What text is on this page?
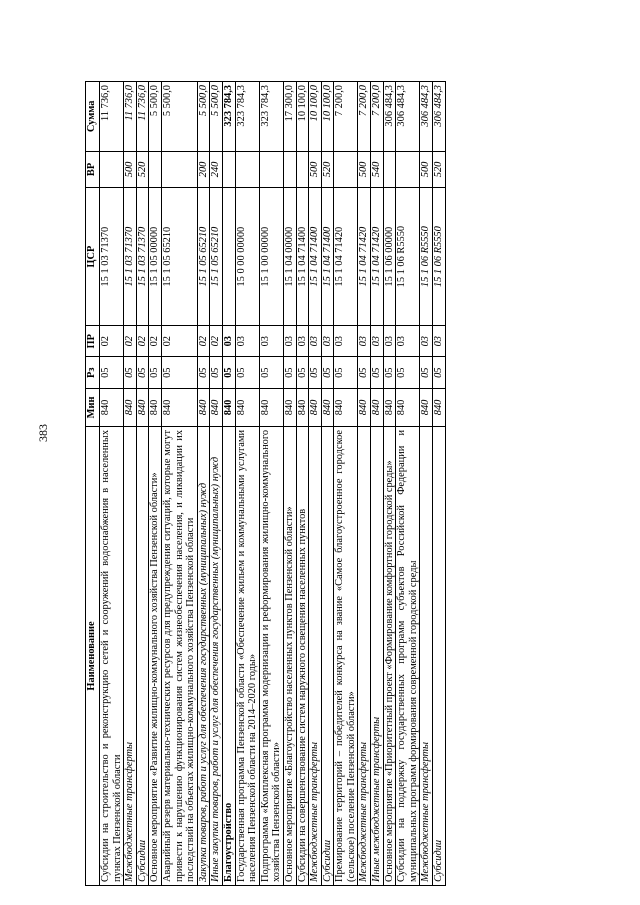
383
Наименование	Мин	Рз	ПР	ЦСР	ВР	Сумма
Субсидии на строительство и реконструкцию сетей и сооружений водоснабжения в населенных пунктах Пензенской области	840	05	02	15 1 03 71370		11 736,0
Межбюджетные трансферты	840	05	02	15 1 03 71370	500	11 736,0
Субсидии	840	05	02	15 1 03 71370	520	11 736,0
Основное мероприятие «Развитие жилищно-коммунального хозяйства Пензенской области»	840	05	02	15 1 05 00000		5 500,0
Аварийный резерв материально-технических ресурсов для предупреждения ситуаций, которые могут привести к нарушению функционирования систем жизнеобеспечения населения, и ликвидации их последствий на объектах жилищно-коммунального хозяйства Пензенской области	840	05	02	15 1 05 65210		5 500,0
Закупка товаров, работ и услуг для обеспечения государственных (муниципальных) нужд	840	05	02	15 1 05 65210	200	5 500,0
Иные закупки товаров, работ и услуг для обеспечения государственных (муниципальных) нужд	840	05	02	15 1 05 65210	240	5 500,0
Благоустройство	840	05	03			323 784,3
Государственная программа Пензенской области «Обеспечение жильем и коммунальными услугами населения Пензенской области на 2014–2020 годы»	840	05	03	15 0 00 00000		323 784,3
Подпрограмма «Комплексная программа модернизации и реформирования жилищно-коммунального хозяйства Пензенской области»	840	05	03	15 1 00 00000		323 784,3
Основное мероприятие «Благоустройство населенных пунктов Пензенской области»	840	05	03	15 1 04 00000		17 300,0
Субсидии на совершенствование систем наружного освещения населенных пунктов	840	05	03	15 1 04 71400		10 100,0
Межбюджетные трансферты	840	05	03	15 1 04 71400	500	10 100,0
Субсидии	840	05	03	15 1 04 71400	520	10 100,0
Премирование территорий – победителей конкурса на звание «Самое благоустроенное городское (сельское) поселение Пензенской области»	840	05	03	15 1 04 71420		7 200,0
Межбюджетные трансферты	840	05	03	15 1 04 71420	500	7 200,0
Иные межбюджетные трансферты	840	05	03	15 1 04 71420	540	7 200,0
Основное мероприятие «Приоритетный проект «Формирование комфортной городской среды»	840	05	03	15 1 06 00000		306 484,3
Субсидии на поддержку государственных программ субъектов Российской Федерации и муниципальных программ формирования современной городской среды	840	05	03	15 1 06 R5550		306 484,3
Межбюджетные трансферты	840	05	03	15 1 06 R5550	500	306 484,3
Субсидии	840	05	03	15 1 06 R5550	520	306 484,3
